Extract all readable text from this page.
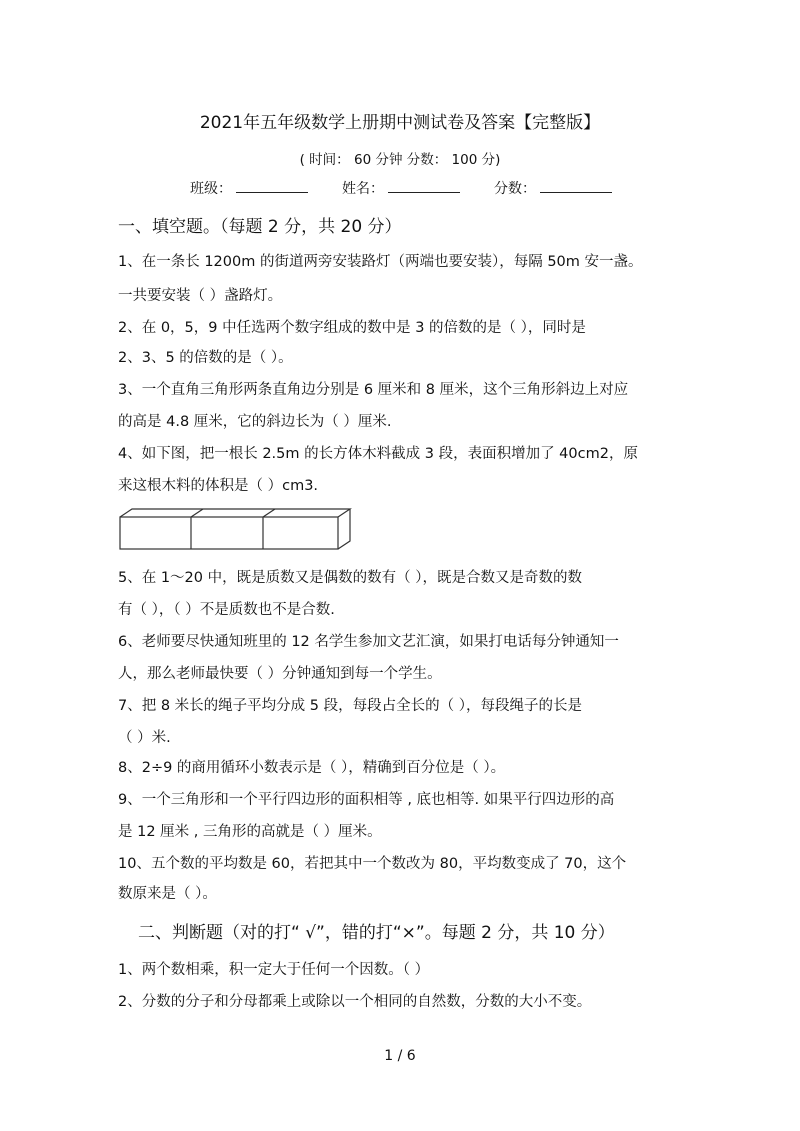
2021年五年级数学上册期中测试卷及答案【完整版】
( 时间： 60 分钟 分数： 100 分)
班级：	姓名：	分数：
一、填空题。（每题 2 分，共 20 分）
1、在一条长 1200m 的街道两旁安装路灯（两端也要安装），每隔 50m 安一盏。
一共要安装（ ）盏路灯。
2、在 0，5，9 中任选两个数字组成的数中是 3 的倍数的是（ ），同时是
2、3、5 的倍数的是（ ）。
3、一个直角三角形两条直角边分别是 6 厘米和 8 厘米，这个三角形斜边上对应
的高是 4.8 厘米，它的斜边长为（ ）厘米.
4、如下图，把一根长 2.5m 的长方体木料截成 3 段，表面积增加了 40cm2，原
来这根木料的体积是（ ）cm3.
5、在 1～20 中，既是质数又是偶数的数有（ ），既是合数又是奇数的数
有（ ），（ ）不是质数也不是合数.
6、老师要尽快通知班里的 12 名学生参加文艺汇演，如果打电话每分钟通知一
人，那么老师最快要（ ）分钟通知到每一个学生。
7、把 8 米长的绳子平均分成 5 段，每段占全长的（ ），每段绳子的长是
（ ）米.
8、2÷9 的商用循环小数表示是（ ），精确到百分位是（ ）。
9、一个三角形和一个平行四边形的面积相等 , 底也相等. 如果平行四边形的高
是 12 厘米 , 三角形的高就是（ ）厘米。
10、五个数的平均数是 60，若把其中一个数改为 80，平均数变成了 70，这个
数原来是（ ）。
二、判断题（对的打“ √”，错的打“×”。每题 2 分，共 10 分）
1、两个数相乘，积一定大于任何一个因数。（ ）
2、分数的分子和分母都乘上或除以一个相同的自然数，分数的大小不变。
1 / 6
